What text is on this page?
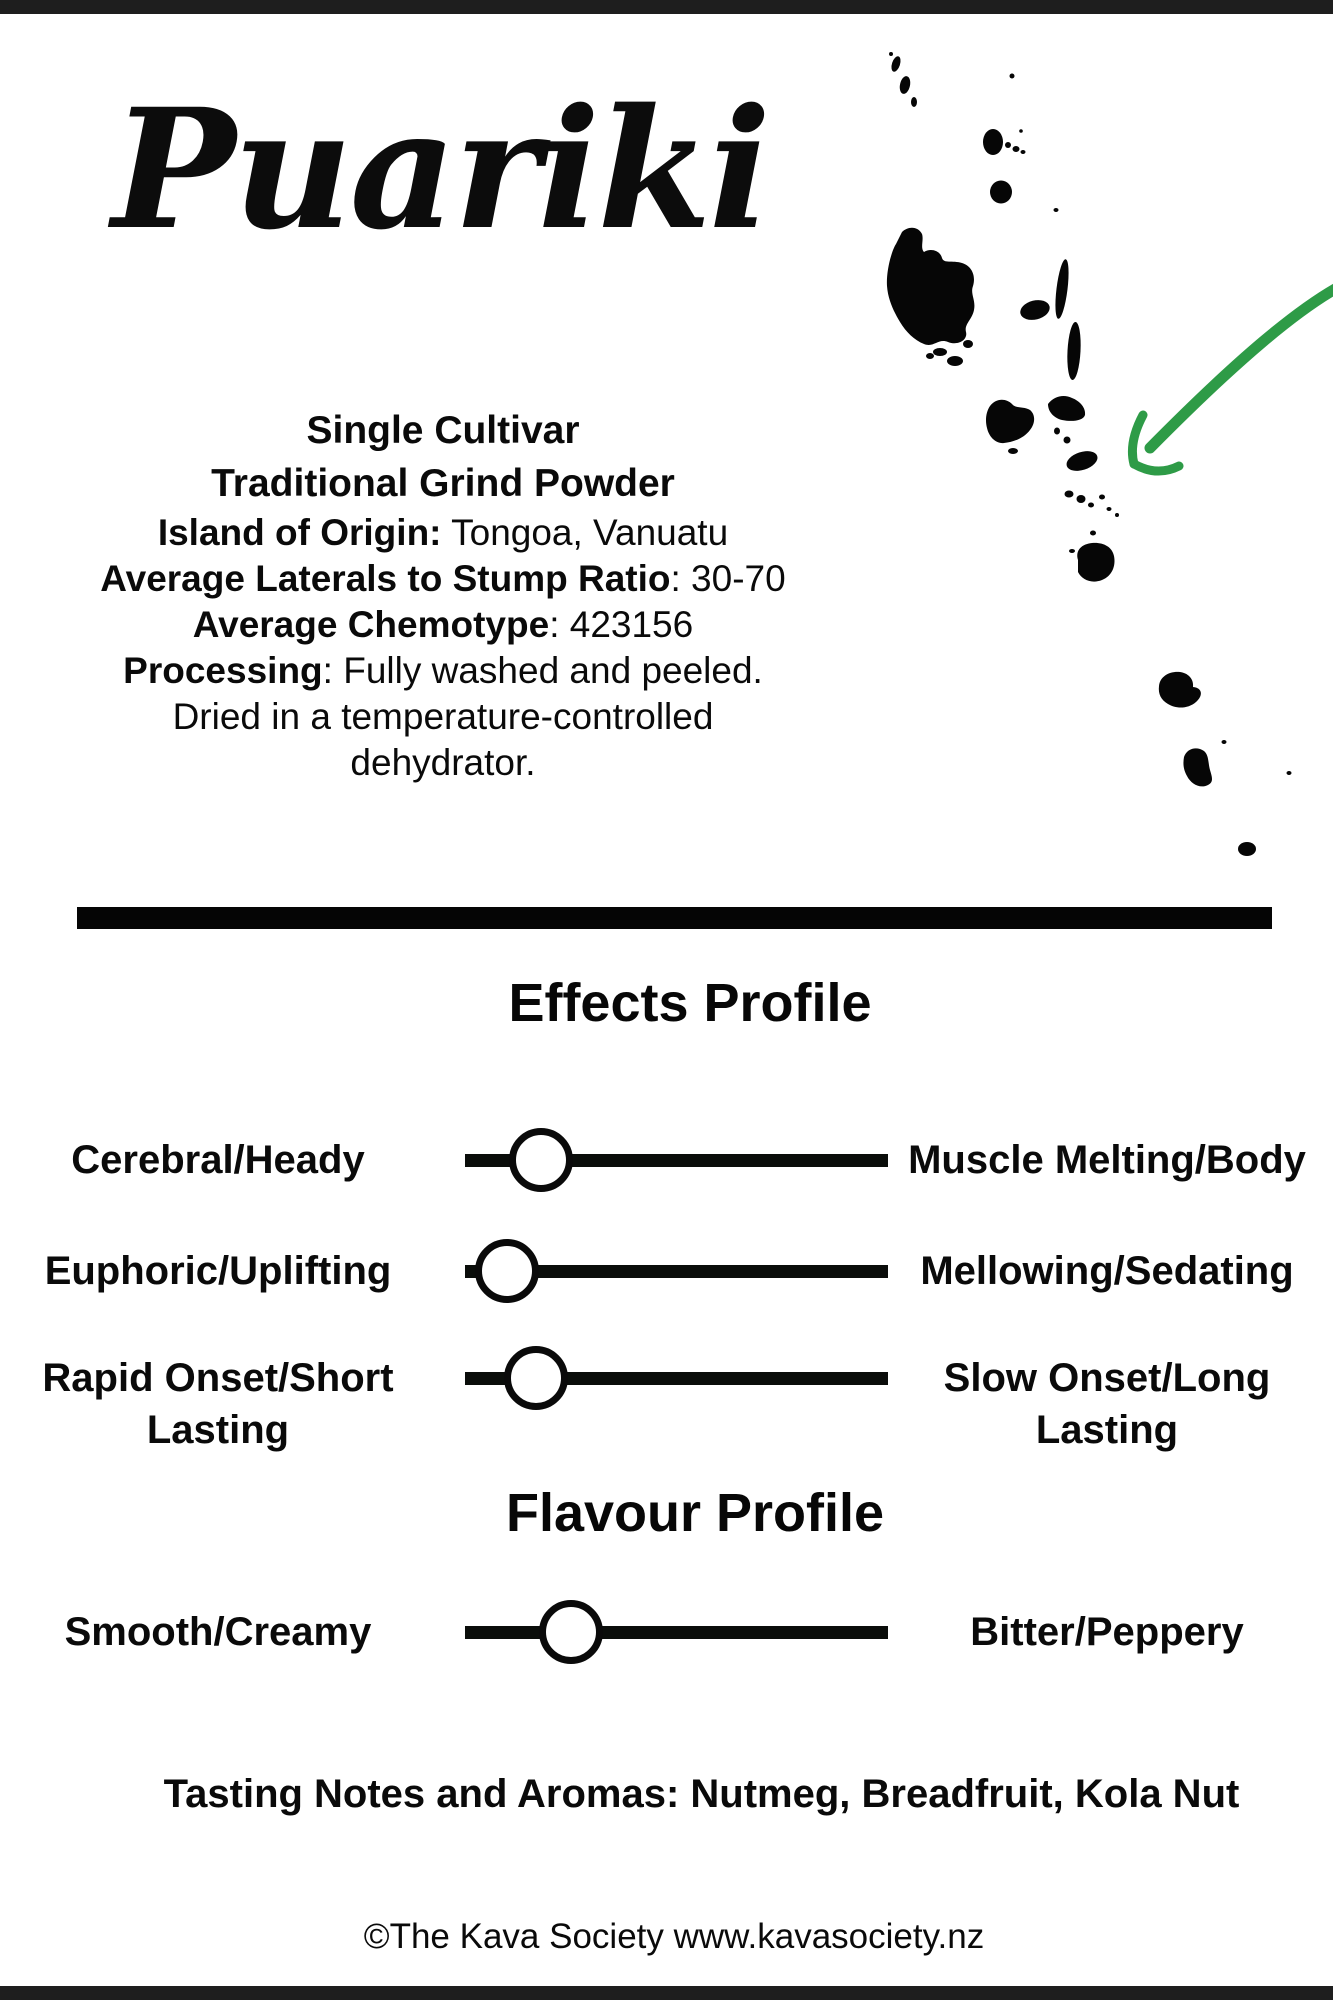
Puariki
Single Cultivar
Traditional Grind Powder
Island of Origin: Tongoa, Vanuatu
Average Laterals to Stump Ratio: 30-70
Average Chemotype: 423156
Processing: Fully washed and peeled.
Dried in a temperature-controlled
dehydrator.
Effects Profile
Cerebral/Heady	Muscle Melting/Body
Euphoric/Uplifting	Mellowing/Sedating
Rapid Onset/Short
Lasting
Slow Onset/Long
Lasting
Flavour Profile
Smooth/Creamy	Bitter/Peppery
Tasting Notes and Aromas: Nutmeg, Breadfruit, Kola Nut
©The Kava Society www.kavasociety.nz
